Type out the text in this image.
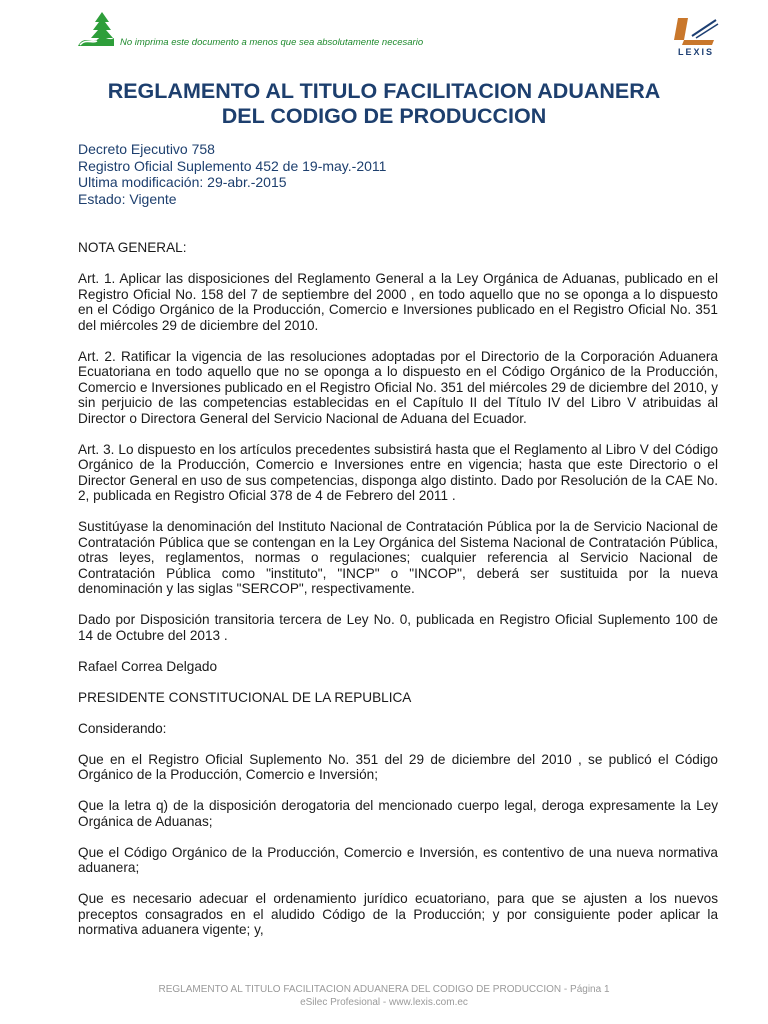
No imprima este documento a menos que sea absolutamente necesario
LEXIS
REGLAMENTO AL TITULO FACILITACION ADUANERA
DEL CODIGO DE PRODUCCION
Decreto Ejecutivo 758
Registro Oficial Suplemento 452 de 19-may.-2011
Ultima modificación: 29-abr.-2015
Estado: Vigente

NOTA GENERAL:

Art. 1. Aplicar las disposiciones del Reglamento General a la Ley Orgánica de Aduanas, publicado en el Registro Oficial No. 158 del 7 de septiembre del 2000 , en todo aquello que no se oponga a lo dispuesto en el Código Orgánico de la Producción, Comercio e Inversiones publicado en el Registro Oficial No. 351 del miércoles 29 de diciembre del 2010.

Art. 2. Ratificar la vigencia de las resoluciones adoptadas por el Directorio de la Corporación Aduanera Ecuatoriana en todo aquello que no se oponga a lo dispuesto en el Código Orgánico de la Producción, Comercio e Inversiones publicado en el Registro Oficial No. 351 del miércoles 29 de diciembre del 2010, y sin perjuicio de las competencias establecidas en el Capítulo II del Título IV del Libro V atribuidas al Director o Directora General del Servicio Nacional de Aduana del Ecuador.

Art. 3. Lo dispuesto en los artículos precedentes subsistirá hasta que el Reglamento al Libro V del Código Orgánico de la Producción, Comercio e Inversiones entre en vigencia; hasta que este Directorio o el Director General en uso de sus competencias, disponga algo distinto. Dado por Resolución de la CAE No. 2, publicada en Registro Oficial 378 de 4 de Febrero del 2011 .

Sustitúyase la denominación del Instituto Nacional de Contratación Pública por la de Servicio Nacional de Contratación Pública que se contengan en la Ley Orgánica del Sistema Nacional de Contratación Pública, otras leyes, reglamentos, normas o regulaciones; cualquier referencia al Servicio Nacional de Contratación Pública como "instituto", "INCP" o "INCOP", deberá ser sustituida por la nueva denominación y las siglas "SERCOP", respectivamente.

Dado por Disposición transitoria tercera de Ley No. 0, publicada en Registro Oficial Suplemento 100 de 14 de Octubre del 2013 .

Rafael Correa Delgado

PRESIDENTE CONSTITUCIONAL DE LA REPUBLICA

Considerando:

Que en el Registro Oficial Suplemento No. 351 del 29 de diciembre del 2010 , se publicó el Código Orgánico de la Producción, Comercio e Inversión;

Que la letra q) de la disposición derogatoria del mencionado cuerpo legal, deroga expresamente la Ley Orgánica de Aduanas;

Que el Código Orgánico de la Producción, Comercio e Inversión, es contentivo de una nueva normativa aduanera;

Que es necesario adecuar el ordenamiento jurídico ecuatoriano, para que se ajusten a los nuevos preceptos consagrados en el aludido Código de la Producción; y por consiguiente poder aplicar la normativa aduanera vigente; y,

REGLAMENTO AL TITULO FACILITACION ADUANERA DEL CODIGO DE PRODUCCION - Página 1
eSilec Profesional - www.lexis.com.ec
